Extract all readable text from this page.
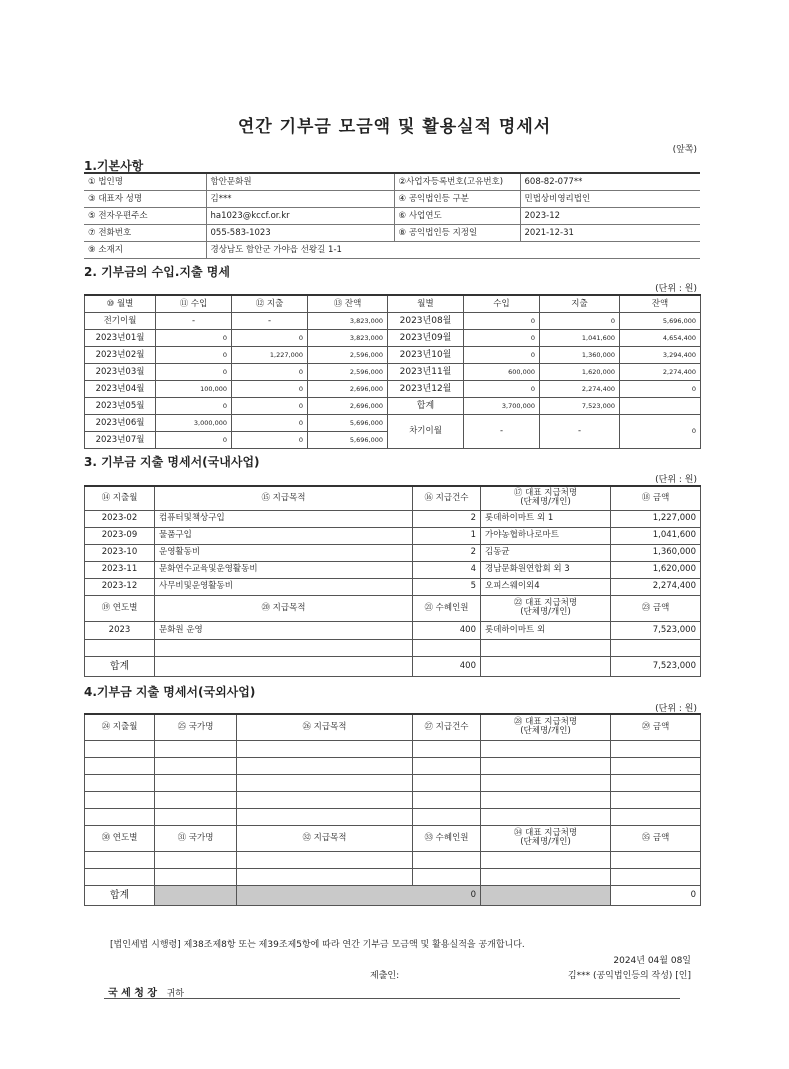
연간 기부금 모금액 및 활용실적 명세서
(앞쪽)
1.기본사항
① 법인명	함안문화원	②사업자등록번호(고유번호)	608-82-077**
③ 대표자 성명	김***	④ 공익법인등 구분	민법상비영리법인
⑤ 전자우편주소	ha1023@kccf.or.kr	⑥ 사업연도	2023-12
⑦ 전화번호	055-583-1023	⑧ 공익법인등 지정일	2021-12-31
⑨ 소재지	경상남도 함안군 가야읍 선왕길 1-1		
2. 기부금의 수입.지출 명세
(단위 : 원)
⑩ 월별	⑪ 수입	⑫ 지출	⑬ 잔액	월별	수입	지출	잔액
전기이월	-	-	3,823,000	2023년08월	0	0	5,696,000
2023년01월	0	0	3,823,000	2023년09월	0	1,041,600	4,654,400
2023년02월	0	1,227,000	2,596,000	2023년10월	0	1,360,000	3,294,400
2023년03월	0	0	2,596,000	2023년11월	600,000	1,620,000	2,274,400
2023년04월	100,000	0	2,696,000	2023년12월	0	2,274,400	0
2023년05월	0	0	2,696,000	합계	3,700,000	7,523,000	
2023년06월	3,000,000	0	5,696,000	차기이월	-	-	0
2023년07월	0	0	5,696,000				
3. 기부금 지출 명세서(국내사업)
(단위 : 원)
⑭ 지출월	⑮ 지급목적	⑯ 지급건수	⑰ 대표 지급처명
(단체명/개인)	⑱ 금액
2023-02	컴퓨터및책상구입	2	롯데하이마트 외 1	1,227,000
2023-09	물품구입	1	가야농협하나로마트	1,041,600
2023-10	운영활동비	2	김동균	1,360,000
2023-11	문화연수교육및운영활동비	4	경남문화원연합회 외 3	1,620,000
2023-12	사무비및운영활동비	5	오피스웨이외4	2,274,400
⑲ 연도별	⑳ 지급목적	㉑ 수혜인원	㉒ 대표 지급처명
(단체명/개인)	㉓ 금액
2023	문화원 운영	400	롯데하이마트 외	7,523,000

합계		400		7,523,000
4.기부금 지출 명세서(국외사업)
(단위 : 원)
㉔ 지출월	㉕ 국가명	㉖ 지급목적	㉗ 지급건수	㉘ 대표 지급처명
(단체명/개인)	㉙ 금액

㉚ 연도별	㉛ 국가명	㉜ 지급목적	㉝ 수혜인원	㉞ 대표 지급처명
(단체명/개인)	㉟ 금액

합계		0			0
[법인세법 시행령] 제38조제8항 또는 제39조제5항에 따라 연간 기부금 모금액 및 활용실적을 공개합니다.
2024년 04월 08일
제출인:	김*** (공익법인등의 작성) [인]
국 세 청 장 귀하
